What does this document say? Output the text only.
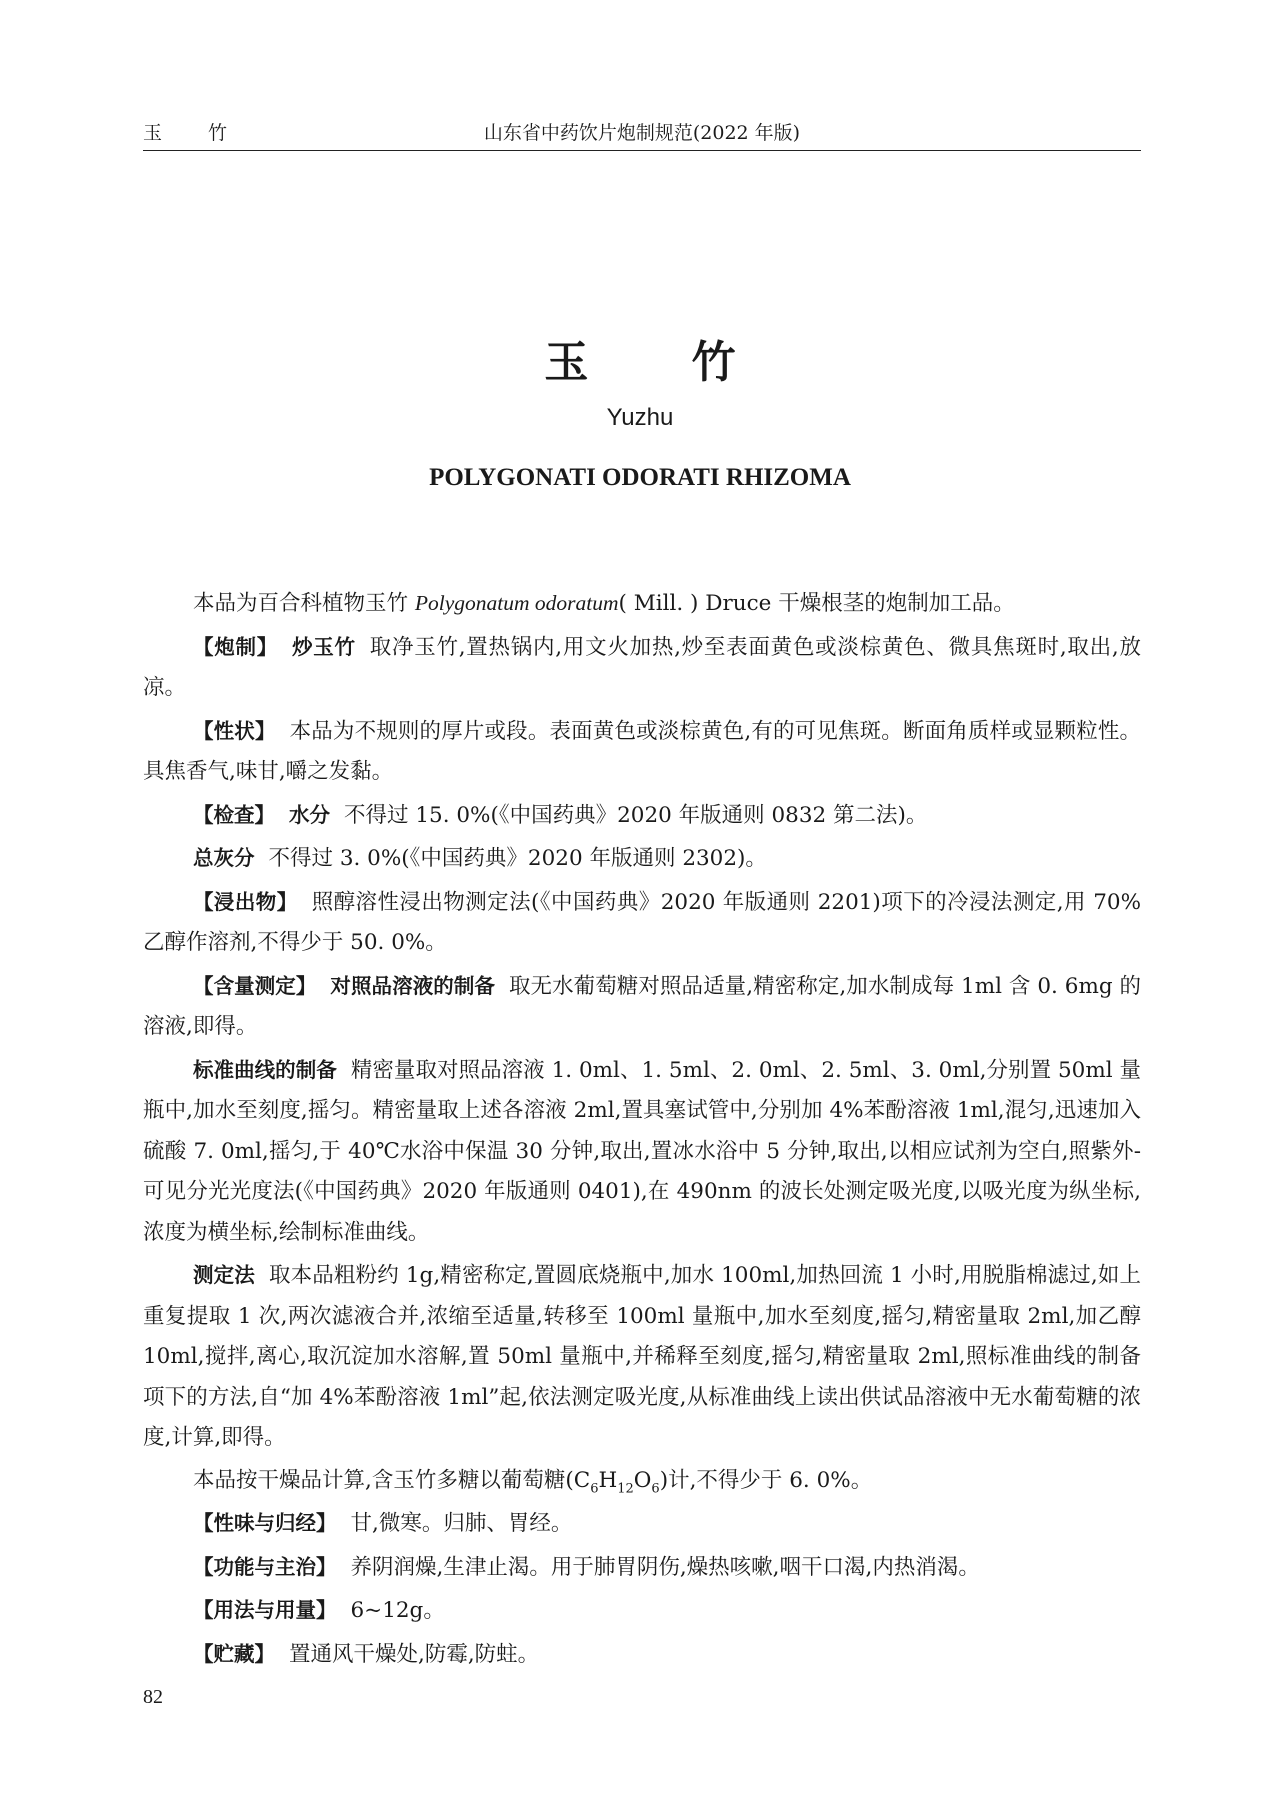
玉 竹	山东省中药饮片炮制规范(2022 年版)
玉 竹
Yuzhu
POLYGONATI ODORATI RHIZOMA

本品为百合科植物玉竹 Polygonatum odoratum( Mill. ) Druce 干燥根茎的炮制加工品。

【炮制】 炒玉竹 取净玉竹,置热锅内,用文火加热,炒至表面黄色或淡棕黄色、微具焦斑时,取出,放凉。

【性状】 本品为不规则的厚片或段。表面黄色或淡棕黄色,有的可见焦斑。断面角质样或显颗粒性。具焦香气,味甘,嚼之发黏。

【检查】 水分 不得过 15. 0%(《中国药典》2020 年版通则 0832 第二法)。

总灰分 不得过 3. 0%(《中国药典》2020 年版通则 2302)。

【浸出物】 照醇溶性浸出物测定法(《中国药典》2020 年版通则 2201)项下的冷浸法测定,用 70%乙醇作溶剂,不得少于 50. 0%。

【含量测定】 对照品溶液的制备 取无水葡萄糖对照品适量,精密称定,加水制成每 1ml 含 0. 6mg 的溶液,即得。

标准曲线的制备 精密量取对照品溶液 1. 0ml、1. 5ml、2. 0ml、2. 5ml、3. 0ml,分别置 50ml 量瓶中,加水至刻度,摇匀。精密量取上述各溶液 2ml,置具塞试管中,分别加 4%苯酚溶液 1ml,混匀,迅速加入硫酸 7. 0ml,摇匀,于 40℃水浴中保温 30 分钟,取出,置冰水浴中 5 分钟,取出,以相应试剂为空白,照紫外-可见分光光度法(《中国药典》2020 年版通则 0401),在 490nm 的波长处测定吸光度,以吸光度为纵坐标,浓度为横坐标,绘制标准曲线。

测定法 取本品粗粉约 1g,精密称定,置圆底烧瓶中,加水 100ml,加热回流 1 小时,用脱脂棉滤过,如上重复提取 1 次,两次滤液合并,浓缩至适量,转移至 100ml 量瓶中,加水至刻度,摇匀,精密量取 2ml,加乙醇 10ml,搅拌,离心,取沉淀加水溶解,置 50ml 量瓶中,并稀释至刻度,摇匀,精密量取 2ml,照标准曲线的制备项下的方法,自“加 4%苯酚溶液 1ml”起,依法测定吸光度,从标准曲线上读出供试品溶液中无水葡萄糖的浓度,计算,即得。

本品按干燥品计算,含玉竹多糖以葡萄糖$(C_6H_{12}O_6)$计,不得少于 6. 0%。

【性味与归经】 甘,微寒。归肺、胃经。

【功能与主治】 养阴润燥,生津止渴。用于肺胃阴伤,燥热咳嗽,咽干口渴,内热消渴。

【用法与用量】 6~12g。

【贮藏】 置通风干燥处,防霉,防蛀。

82
